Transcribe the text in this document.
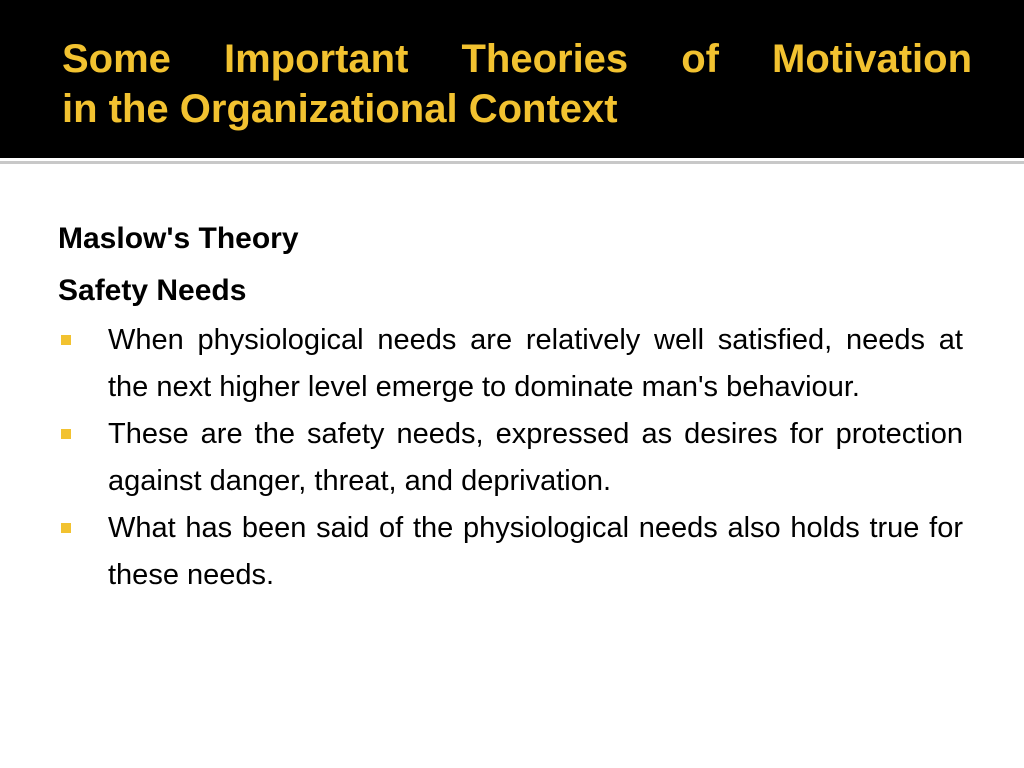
Some Important Theories of Motivation
in the Organizational Context

Maslow's Theory

Safety Needs

When physiological needs are relatively well satisfied, needs at the next higher level emerge to dominate man's behaviour.
These are the safety needs, expressed as desires for protection against danger, threat, and deprivation.
What has been said of the physiological needs also holds true for these needs.
